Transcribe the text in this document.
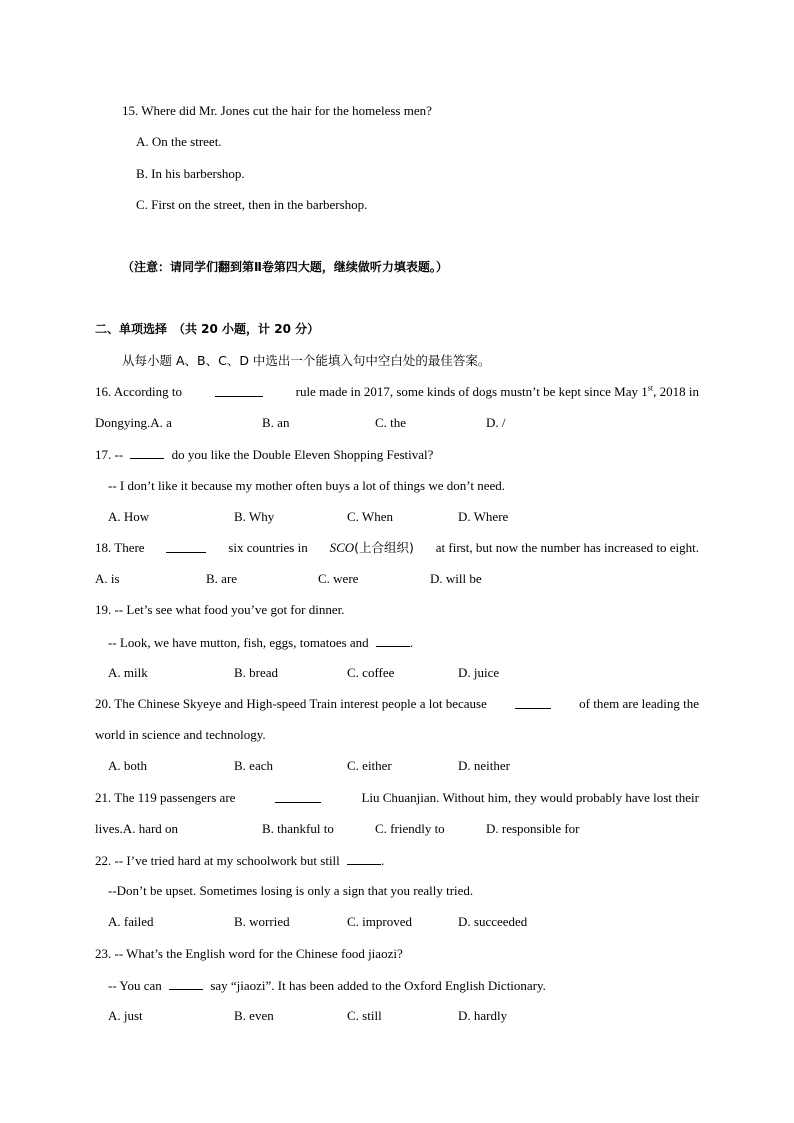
15. Where did Mr. Jones cut the hair for the homeless men?
A. On the street.
B. In his barbershop.
C. First on the street, then in the barbershop.
（注意：请同学们翻到第Ⅱ卷第四大题，继续做听力填表题。）
二、单项选择　（共 20 小题，计 20 分）
从每小题 A、B、C、D 中选出一个能填入句中空白处的最佳答案。
16. According to	rule made in 2017, some kinds of dogs mustn’t be kept since May 1st, 2018 in
Dongying.A. a	B. an	C. the	D. /
17. --	do you like the Double Eleven Shopping Festival?
-- I don’t like it because my mother often buys a lot of things we don’t need.
A. How	B. Why	C. When	D. Where
18. There	six countries in SCO(上合组织) at first, but now the number has increased to eight.
A. is	B. are	C. were	D. will be
19. -- Let’s see what food you’ve got for dinner.
-- Look, we have mutton, fish, eggs, tomatoes and	.
A. milk	B. bread	C. coffee	D. juice
20. The Chinese Skyeye and High-speed Train interest people a lot because	of them are leading the
world in science and technology.
A. both	B. each	C. either	D. neither
21. The 119 passengers are	Liu Chuanjian. Without him, they would probably have lost their
lives.A. hard on	B. thankful to	C. friendly to	D. responsible for
22. -- I’ve tried hard at my schoolwork but still	.
--Don’t be upset. Sometimes losing is only a sign that you really tried.
A. failed	B. worried	C. improved	D. succeeded
23. -- What’s the English word for the Chinese food jiaozi?
-- You can	say “jiaozi”. It has been added to the Oxford English Dictionary.
A. just	B. even	C. still	D. hardly
